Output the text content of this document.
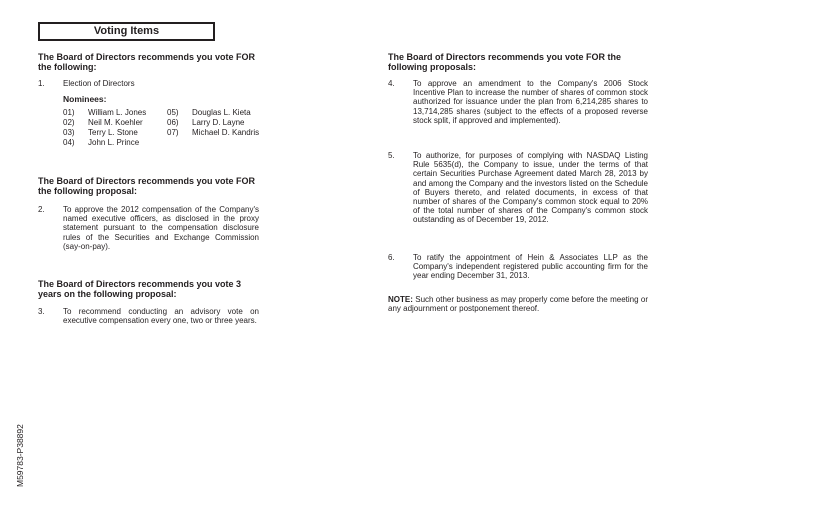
Voting Items
The Board of Directors recommends you vote FOR the following:
1. Election of Directors
Nominees:
01) William L. Jones
02) Neil M. Koehler
03) Terry L. Stone
04) John L. Prince
05) Douglas L. Kieta
06) Larry D. Layne
07) Michael D. Kandris
The Board of Directors recommends you vote FOR the following proposal:
2. To approve the 2012 compensation of the Company's named executive officers, as disclosed in the proxy statement pursuant to the compensation disclosure rules of the Securities and Exchange Commission (say-on-pay).
The Board of Directors recommends you vote 3 years on the following proposal:
3. To recommend conducting an advisory vote on executive compensation every one, two or three years.
The Board of Directors recommends you vote FOR the following proposals:
4. To approve an amendment to the Company's 2006 Stock Incentive Plan to increase the number of shares of common stock authorized for issuance under the plan from 6,214,285 shares to 13,714,285 shares (subject to the effects of a proposed reverse stock split, if approved and implemented).
5. To authorize, for purposes of complying with NASDAQ Listing Rule 5635(d), the Company to issue, under the terms of that certain Securities Purchase Agreement dated March 28, 2013 by and among the Company and the investors listed on the Schedule of Buyers thereto, and related documents, in excess of that number of shares of the Company's common stock equal to 20% of the total number of shares of the Company's common stock outstanding as of December 19, 2012.
6. To ratify the appointment of Hein & Associates LLP as the Company's independent registered public accounting firm for the year ending December 31, 2013.
NOTE: Such other business as may properly come before the meeting or any adjournment or postponement thereof.
M59783-P38892
